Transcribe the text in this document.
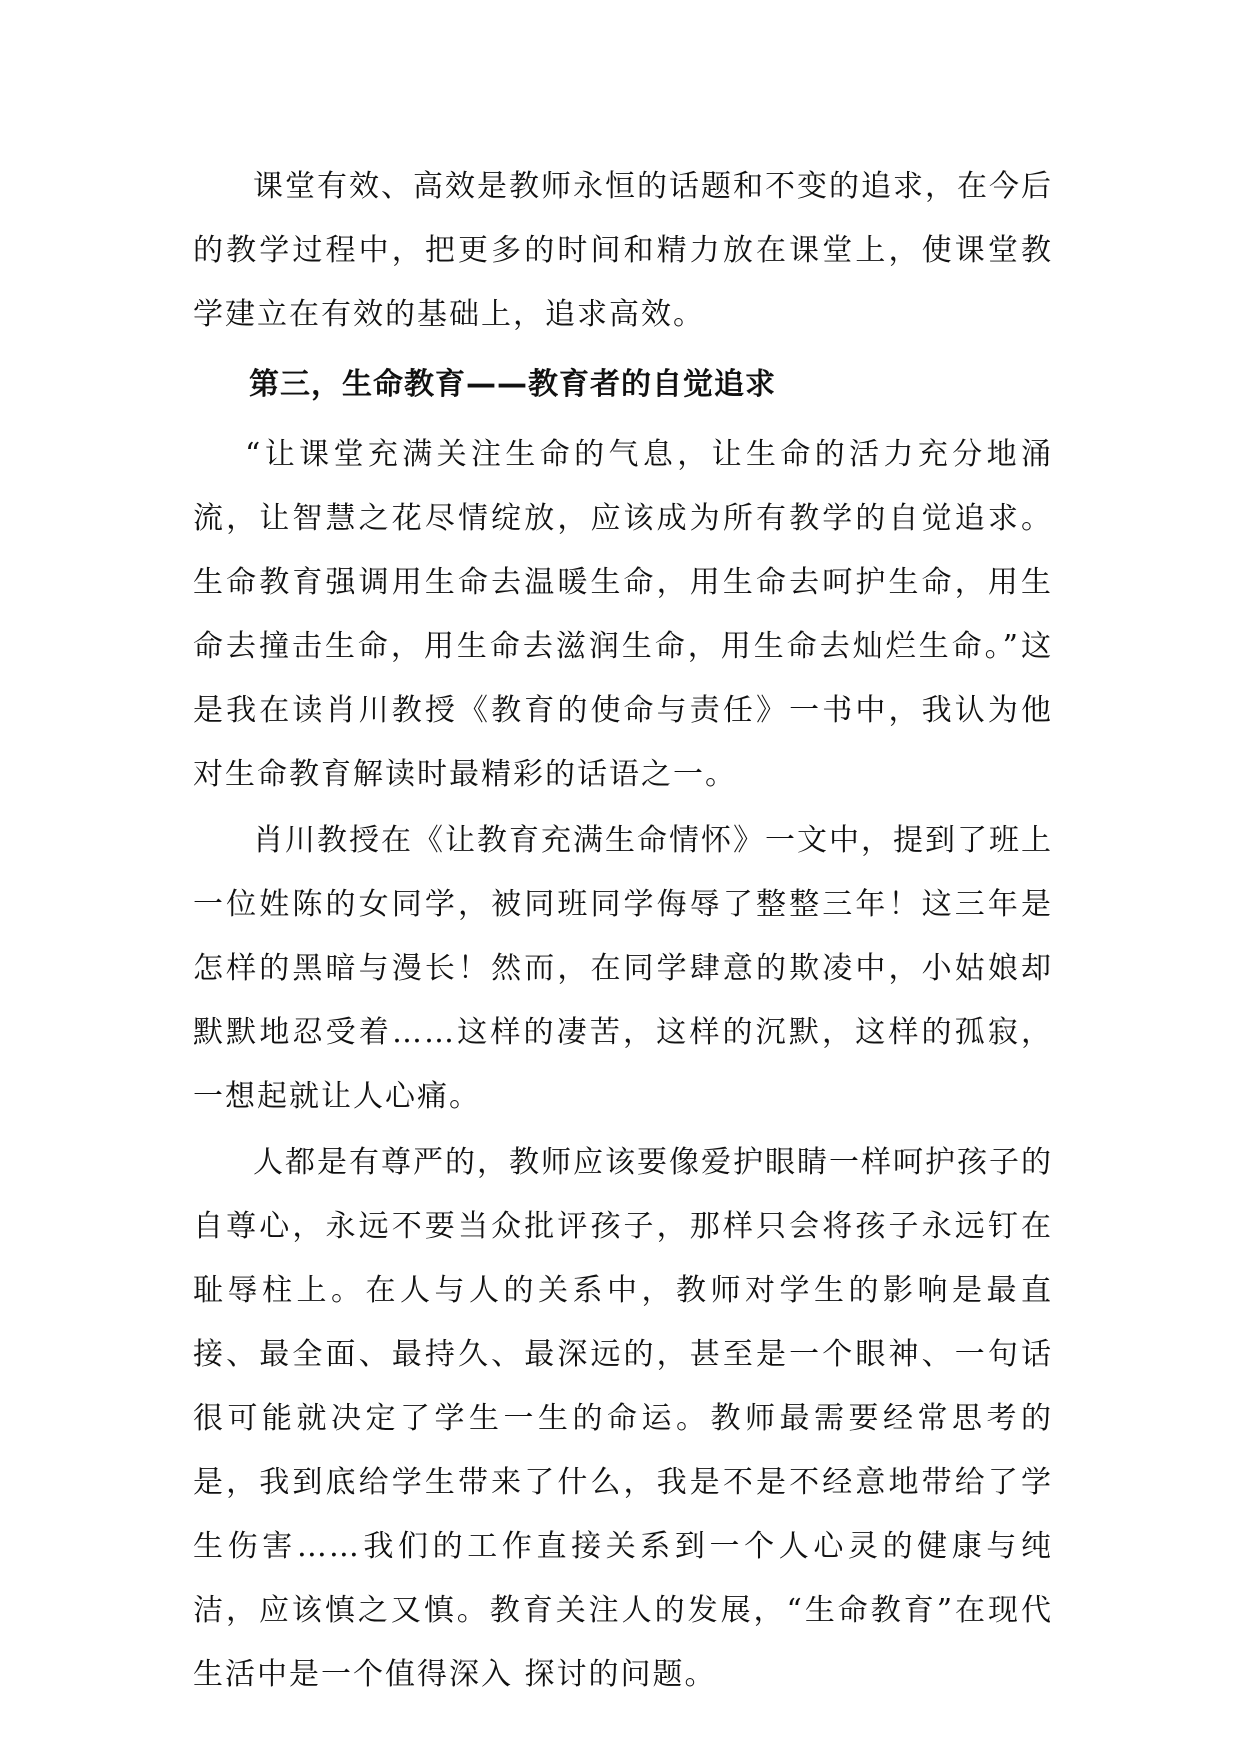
课堂有效、高效是教师永恒的话题和不变的追求，在今后的教学过程中，把更多的时间和精力放在课堂上，使课堂教学建立在有效的基础上，追求高效。

第三，生命教育——教育者的自觉追求

“让课堂充满关注生命的气息，让生命的活力充分地涌流，让智慧之花尽情绽放，应该成为所有教学的自觉追求。生命教育强调用生命去温暖生命，用生命去呵护生命，用生命去撞击生命，用生命去滋润生命，用生命去灿烂生命。”这是我在读肖川教授《教育的使命与责任》一书中，我认为他对生命教育解读时最精彩的话语之一。

肖川教授在《让教育充满生命情怀》一文中，提到了班上一位姓陈的女同学，被同班同学侮辱了整整三年！这三年是怎样的黑暗与漫长！然而，在同学肆意的欺凌中，小姑娘却默默地忍受着……这样的凄苦，这样的沉默，这样的孤寂，一想起就让人心痛。

人都是有尊严的，教师应该要像爱护眼睛一样呵护孩子的自尊心，永远不要当众批评孩子，那样只会将孩子永远钉在耻辱柱上。在人与人的关系中，教师对学生的影响是最直接、最全面、最持久、最深远的，甚至是一个眼神、一句话很可能就决定了学生一生的命运。教师最需要经常思考的是，我到底给学生带来了什么，我是不是不经意地带给了学生伤害……我们的工作直接关系到一个人心灵的健康与纯洁，应该慎之又慎。教育关注人的发展，“生命教育”在现代生活中是一个值得深入 探讨的问题。
